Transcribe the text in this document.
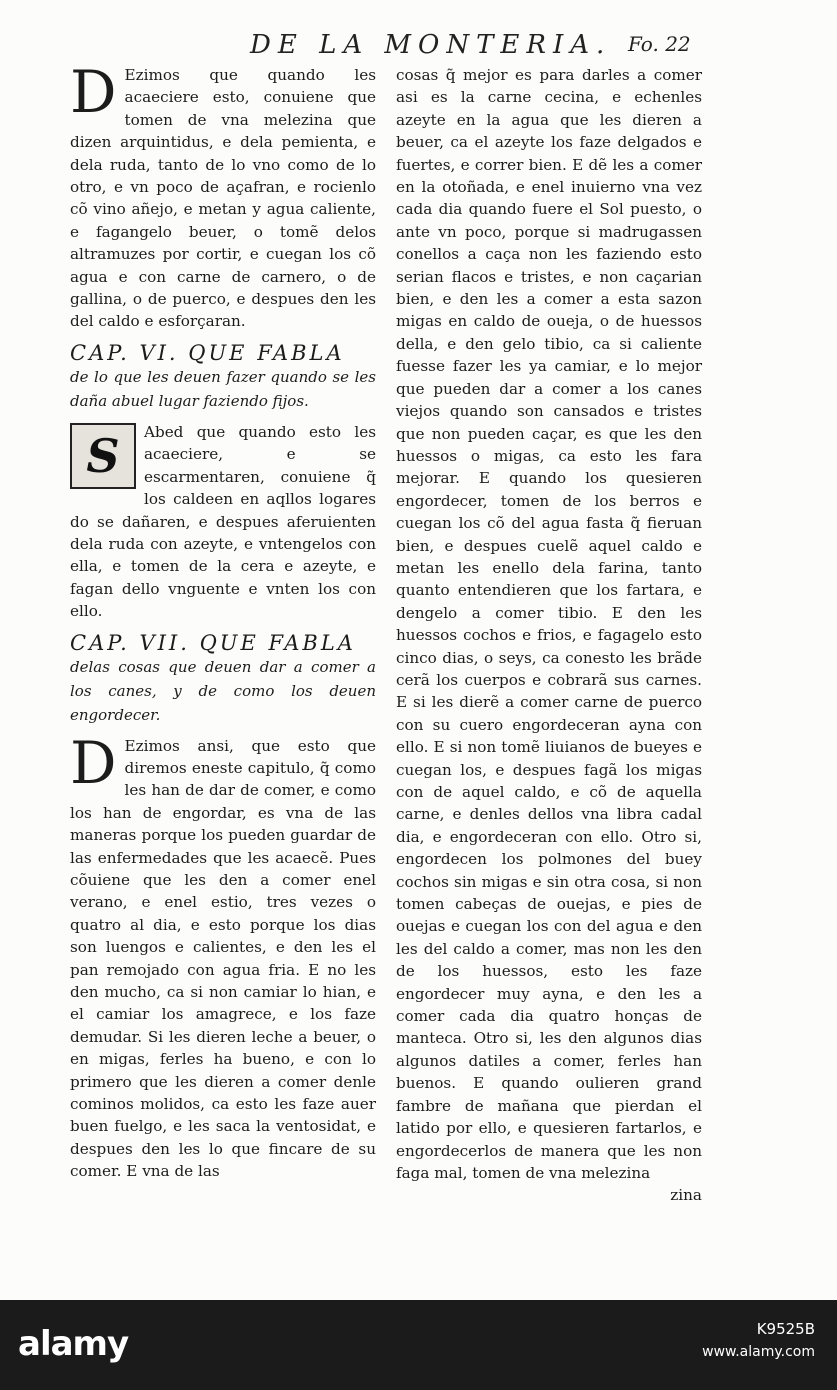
DE LA MONTERIA. Fo. 22

D Ezimos que quando les acaeciere esto, conuiene que tomen de vna melezina que dizen arquintidus, e dela pemienta, e dela ruda, tanto de lo vno como de lo otro, e vn poco de açafran, e rocienlo cõ vino añejo, e metan y agua caliente, e fagangelo beuer, o tomẽ delos altramuzes por cortir, e cuegan los cõ agua e con carne de carnero, o de gallina, o de puerco, e despues den les del caldo e esforçaran.

CAP. VI. QUE FABLA
de lo que les deuen fazer quando se les daña abuel lugar faziendo fijos.

S	Abed que quando esto les acaeciere, e se escarmentaren, conuiene q̃ los caldeen en aqllos logares do se dañaren, e despues aferuienten dela ruda con azeyte, e vntengelos con ella, e tomen de la cera e azeyte, e fagan dello vnguente e vnten los con ello.

CAP. VII. QUE FABLA
delas cosas que deuen dar a comer a los canes, y de como los deuen engordecer.

D Ezimos ansi, que esto que diremos eneste capitulo, q̃ como les han de dar de comer, e como los han de engordar, es vna de las maneras porque los pueden guardar de las enfermedades que les acaecẽ. Pues cõuiene que les den a comer enel verano, e enel estio, tres vezes o quatro al dia, e esto porque los dias son luengos e calientes, e den les el pan remojado con agua fria. E no les den mucho, ca si non camiar lo hian, e el camiar los amagrece, e los faze demudar. Si les dieren leche a beuer, o en migas, ferles ha bueno, e con lo primero que les dieren a comer denle cominos molidos, ca esto les faze auer buen fuelgo, e les saca la ventosidat, e despues den les lo que fincare de su comer. E vna de las

cosas q̃ mejor es para darles a comer asi es la carne cecina, e echenles azeyte en la agua que les dieren a beuer, ca el azeyte los faze delgados e fuertes, e correr bien. E dẽ les a comer en la otoñada, e enel inuierno vna vez cada dia quando fuere el Sol puesto, o ante vn poco, porque si madrugassen conellos a caça non les faziendo esto serian flacos e tristes, e non caçarian bien, e den les a comer a esta sazon migas en caldo de oueja, o de huessos della, e den gelo tibio, ca si caliente fuesse fazer les ya camiar, e lo mejor que pueden dar a comer a los canes viejos quando son cansados e tristes que non pueden caçar, es que les den huessos o migas, ca esto les fara mejorar. E quando los quesieren engordecer, tomen de los berros e cuegan los cõ del agua fasta q̃ fieruan bien, e despues cuelẽ aquel caldo e metan les enello dela farina, tanto quanto entendieren que los fartara, e dengelo a comer tibio. E den les huessos cochos e frios, e fagagelo esto cinco dias, o seys, ca conesto les brãde cerã los cuerpos e cobrarã sus carnes. E si les dierẽ a comer carne de puerco con su cuero engordeceran ayna con ello. E si non tomẽ liuianos de bueyes e cuegan los, e despues fagã los migas con de aquel caldo, e cõ de aquella carne, e denles dellos vna libra cadal dia, e engordeceran con ello. Otro si, engordecen los polmones del buey cochos sin migas e sin otra cosa, si non tomen cabeças de ouejas, e pies de ouejas e cuegan los con del agua e den les del caldo a comer, mas non les den de los huessos, esto les faze engordecer muy ayna, e den les a comer cada dia quatro honças de manteca. Otro si, les den algunos dias algunos datiles a comer, ferles han buenos. E quando oulieren grand fambre de mañana que pierdan el latido por ello, e quesieren fartarlos, e engordecerlos de manera que les non faga mal, tomen de vna melezina

zina

alamy	K9525B
www.alamy.com
